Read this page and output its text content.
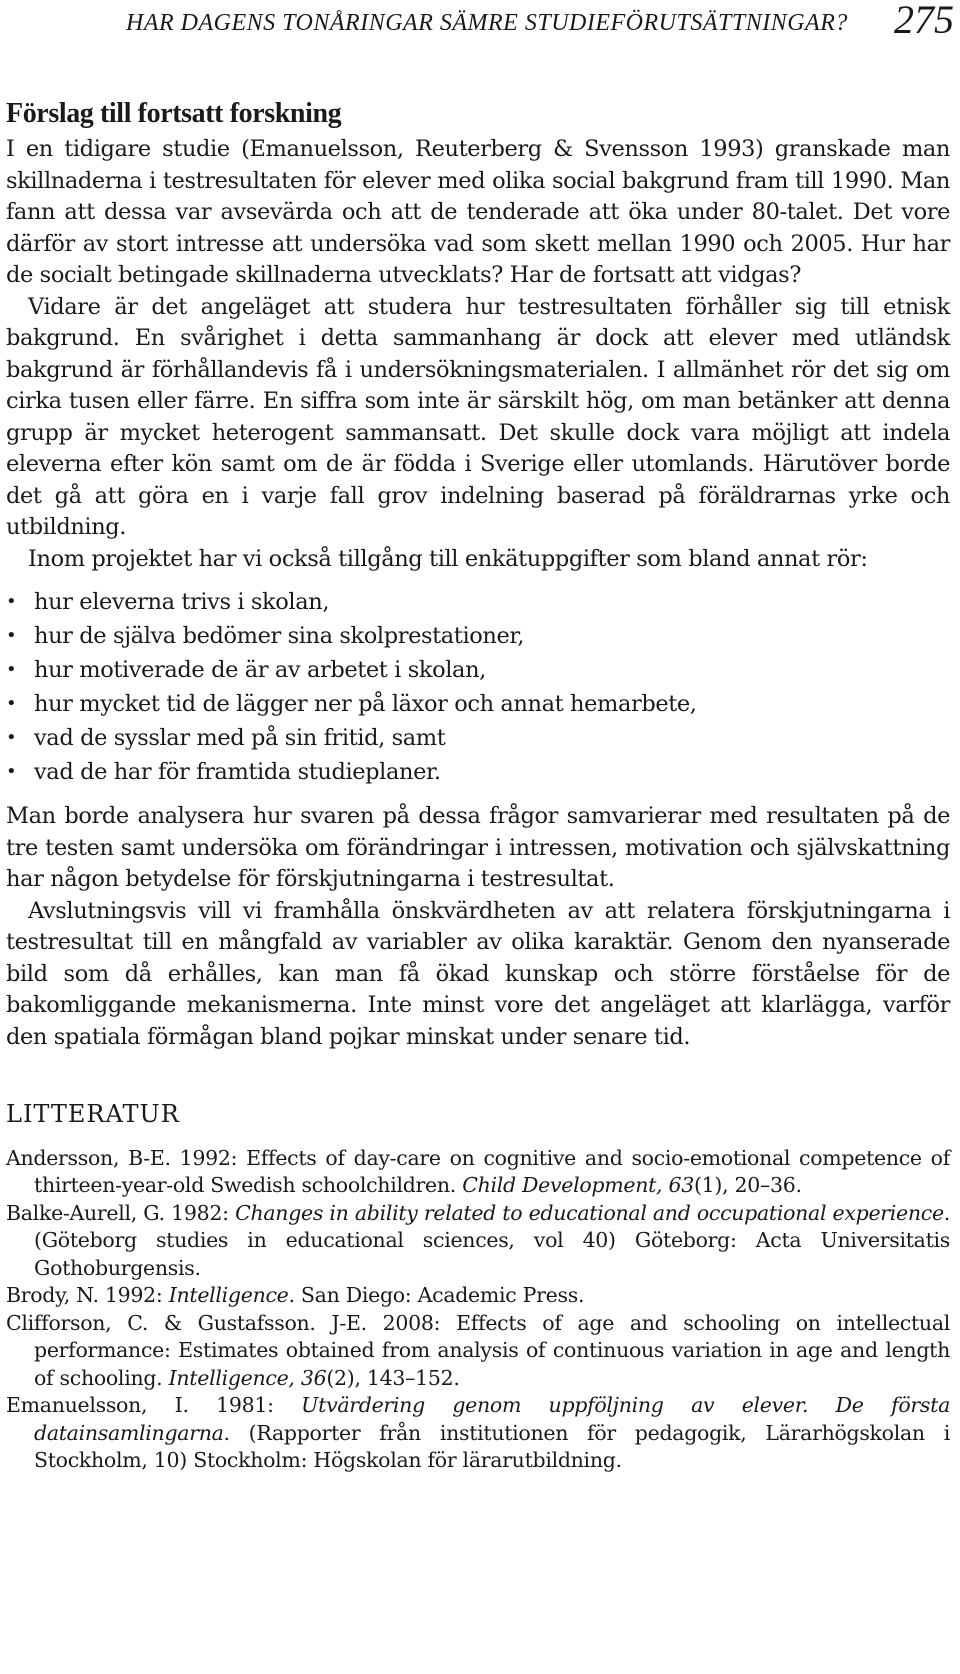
HAR DAGENS TONÅRINGAR SÄMRE STUDIEFÖRUTSÄTTNINGAR? 275
Förslag till fortsatt forskning

I en tidigare studie (Emanuelsson, Reuterberg & Svensson 1993) granskade man skillnaderna i testresultaten för elever med olika social bakgrund fram till 1990. Man fann att dessa var avsevärda och att de tenderade att öka under 80-talet. Det vore därför av stort intresse att undersöka vad som skett mellan 1990 och 2005. Hur har de socialt betingade skillnaderna utvecklats? Har de fortsatt att vidgas?

Vidare är det angeläget att studera hur testresultaten förhåller sig till etnisk bakgrund. En svårighet i detta sammanhang är dock att elever med utländsk bakgrund är förhållandevis få i undersökningsmaterialen. I allmänhet rör det sig om cirka tusen eller färre. En siffra som inte är särskilt hög, om man betänker att denna grupp är mycket heterogent sammansatt. Det skulle dock vara möjligt att indela eleverna efter kön samt om de är födda i Sverige eller utomlands. Härutöver borde det gå att göra en i varje fall grov indelning baserad på föräldrarnas yrke och utbildning.

Inom projektet har vi också tillgång till enkätuppgifter som bland annat rör:

• hur eleverna trivs i skolan,
• hur de själva bedömer sina skolprestationer,
• hur motiverade de är av arbetet i skolan,
• hur mycket tid de lägger ner på läxor och annat hemarbete,
• vad de sysslar med på sin fritid, samt
• vad de har för framtida studieplaner.

Man borde analysera hur svaren på dessa frågor samvarierar med resultaten på de tre testen samt undersöka om förändringar i intressen, motivation och självskattning har någon betydelse för förskjutningarna i testresultat.

Avslutningsvis vill vi framhålla önskvärdheten av att relatera förskjutningarna i testresultat till en mångfald av variabler av olika karaktär. Genom den nyanserade bild som då erhålles, kan man få ökad kunskap och större förståelse för de bakomliggande mekanismerna. Inte minst vore det angeläget att klarlägga, varför den spatiala förmågan bland pojkar minskat under senare tid.

LITTERATUR
Andersson, B-E. 1992: Effects of day-care on cognitive and socio-emotional competence of thirteen-year-old Swedish schoolchildren. Child Development, 63(1), 20–36.
Balke-Aurell, G. 1982: Changes in ability related to educational and occupational experience. (Göteborg studies in educational sciences, vol 40) Göteborg: Acta Universitatis Gothoburgensis.
Brody, N. 1992: Intelligence. San Diego: Academic Press.
Clifforson, C. & Gustafsson. J-E. 2008: Effects of age and schooling on intellectual performance: Estimates obtained from analysis of continuous variation in age and length of schooling. Intelligence, 36(2), 143–152.
Emanuelsson, I. 1981: Utvärdering genom uppföljning av elever. De första datainsamlingarna. (Rapporter från institutionen för pedagogik, Lärarhögskolan i Stockholm, 10) Stockholm: Högskolan för lärarutbildning.
